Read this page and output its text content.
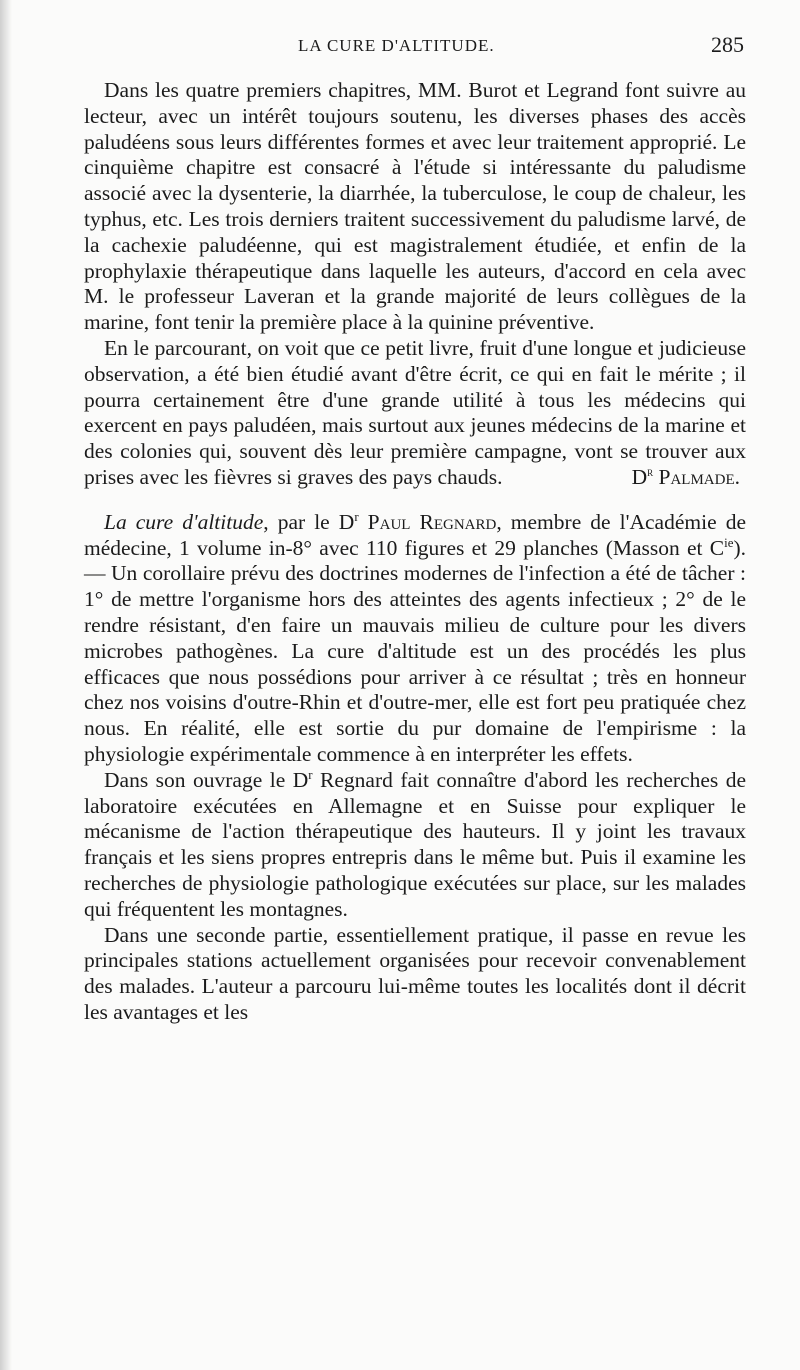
LA CURE D'ALTITUDE.	285

Dans les quatre premiers chapitres, MM. Burot et Legrand font suivre au lecteur, avec un intérêt toujours soutenu, les diverses phases des accès paludéens sous leurs différentes formes et avec leur traitement approprié. Le cinquième chapitre est consacré à l'étude si intéressante du paludisme associé avec la dysenterie, la diarrhée, la tuberculose, le coup de chaleur, les typhus, etc. Les trois derniers traitent successivement du paludisme larvé, de la cachexie paludéenne, qui est magistralement étudiée, et enfin de la prophylaxie thérapeutique dans laquelle les auteurs, d'accord en cela avec M. le professeur Laveran et la grande majorité de leurs collègues de la marine, font tenir la première place à la quinine préventive.

En le parcourant, on voit que ce petit livre, fruit d'une longue et judicieuse observation, a été bien étudié avant d'être écrit, ce qui en fait le mérite ; il pourra certainement être d'une grande utilité à tous les médecins qui exercent en pays paludéen, mais surtout aux jeunes médecins de la marine et des colonies qui, souvent dès leur première campagne, vont se trouver aux prises avec les fièvres si graves des pays chauds.	$D^r$ Palmade.

La cure d'altitude, par le $D^r$ Paul Regnard, membre de l'Académie de médecine, 1 volume in-8° avec 110 figures et 29 planches (Masson et $C^{ie}$). — Un corollaire prévu des doctrines modernes de l'infection a été de tâcher : 1° de mettre l'organisme hors des atteintes des agents infectieux ; 2° de le rendre résistant, d'en faire un mauvais milieu de culture pour les divers microbes pathogènes. La cure d'altitude est un des procédés les plus efficaces que nous possédions pour arriver à ce résultat ; très en honneur chez nos voisins d'outre-Rhin et d'outre-mer, elle est fort peu pratiquée chez nous. En réalité, elle est sortie du pur domaine de l'empirisme : la physiologie expérimentale commence à en interpréter les effets.

Dans son ouvrage le $D^r$ Regnard fait connaître d'abord les recherches de laboratoire exécutées en Allemagne et en Suisse pour expliquer le mécanisme de l'action thérapeutique des hauteurs. Il y joint les travaux français et les siens propres entrepris dans le même but. Puis il examine les recherches de physiologie pathologique exécutées sur place, sur les malades qui fréquentent les montagnes.

Dans une seconde partie, essentiellement pratique, il passe en revue les principales stations actuellement organisées pour recevoir convenablement des malades. L'auteur a parcouru lui-même toutes les localités dont il décrit les avantages et les
